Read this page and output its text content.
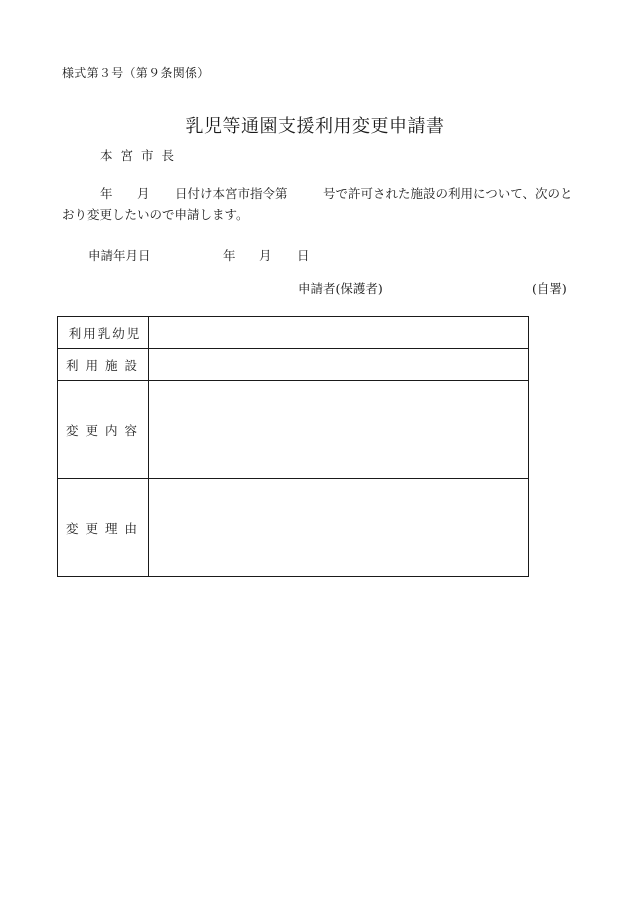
様式第３号（第９条関係）
乳児等通園支援利用変更申請書
本宮市長
年 月 日付け本宮市指令第	号で許可された施設の利用について、次のと
おり変更したいので申請します。
申請年月日	年 月 日
申請者(保護者)	(自署)
利用乳幼児	
利用施設	
変更内容	
変更理由	
